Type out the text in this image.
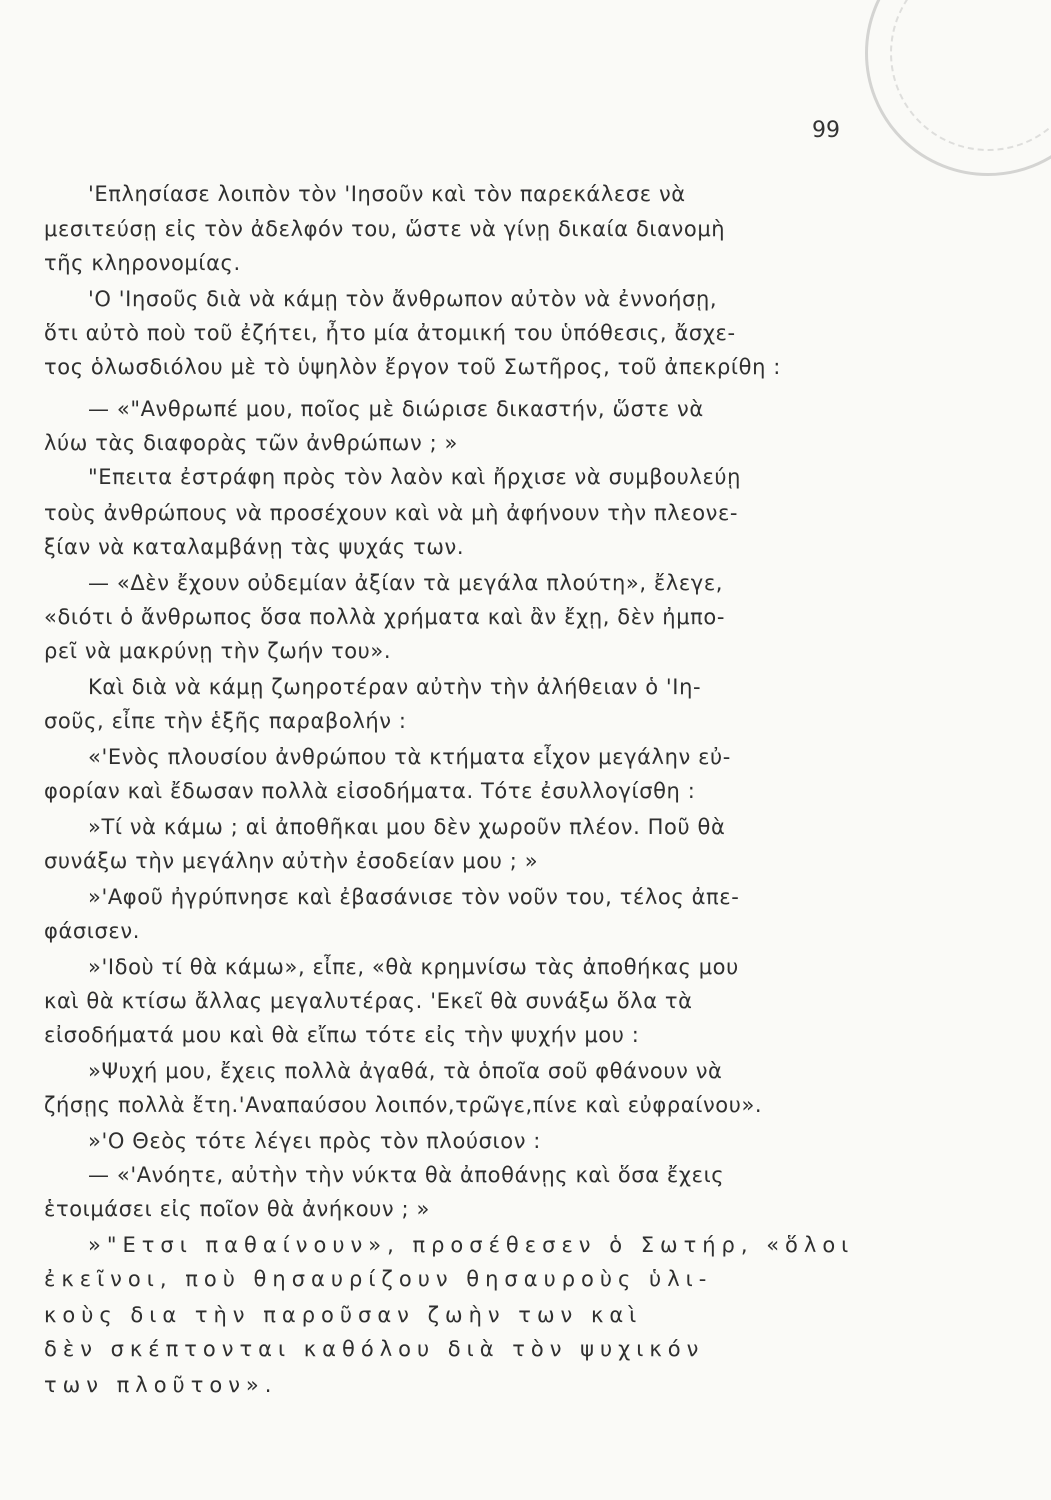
99
'Επλησίασε λοιπὸν τὸν 'Ιησοῦν καὶ τὸν παρεκάλεσε νὰ
μεσιτεύσῃ εἰς τὸν ἀδελφόν του, ὥστε νὰ γίνῃ δικαία διανομὴ
τῆς κληρονομίας.
'Ο 'Ιησοῦς διὰ νὰ κάμῃ τὸν ἄνθρωπον αὐτὸν νὰ ἐννοήσῃ,
ὅτι αὐτὸ ποὺ τοῦ ἐζήτει, ἦτο μία ἀτομική του ὑπόθεσις, ἄσχε-
τος ὁλωσδιόλου μὲ τὸ ὑψηλὸν ἔργον τοῦ Σωτῆρος, τοῦ ἀπεκρίθη :
— «"Ανθρωπέ μου, ποῖος μὲ διώρισε δικαστήν, ὥστε νὰ
λύω τὰς διαφορὰς τῶν ἀνθρώπων ; »
"Επειτα ἐστράφη πρὸς τὸν λαὸν καὶ ἤρχισε νὰ συμβουλεύῃ
τοὺς ἀνθρώπους νὰ προσέχουν καὶ νὰ μὴ ἀφήνουν τὴν πλεονε-
ξίαν νὰ καταλαμβάνῃ τὰς ψυχάς των.
— «Δὲν ἔχουν οὐδεμίαν ἀξίαν τὰ μεγάλα πλούτη», ἔλεγε,
«διότι ὁ ἄνθρωπος ὅσα πολλὰ χρήματα καὶ ἂν ἔχῃ, δὲν ἠμπο-
ρεῖ νὰ μακρύνῃ τὴν ζωήν του».
Καὶ διὰ νὰ κάμῃ ζωηροτέραν αὐτὴν τὴν ἀλήθειαν ὁ 'Ιη-
σοῦς, εἶπε τὴν ἑξῆς παραβολήν :
«'Ενὸς πλουσίου ἀνθρώπου τὰ κτήματα εἶχον μεγάλην εὐ-
φορίαν καὶ ἔδωσαν πολλὰ εἰσοδήματα. Τότε ἐσυλλογίσθη :
»Τί νὰ κάμω ; αἱ ἀποθῆκαι μου δὲν χωροῦν πλέον. Ποῦ θὰ
συνάξω τὴν μεγάλην αὐτὴν ἐσοδείαν μου ; »
»'Αφοῦ ἠγρύπνησε καὶ ἐβασάνισε τὸν νοῦν του, τέλος ἀπε-
φάσισεν.
»'Ιδοὺ τί θὰ κάμω», εἶπε, «θὰ κρημνίσω τὰς ἀποθήκας μου
καὶ θὰ κτίσω ἄλλας μεγαλυτέρας. 'Εκεῖ θὰ συνάξω ὅλα τὰ
εἰσοδήματά μου καὶ θὰ εἴπω τότε εἰς τὴν ψυχήν μου :
»Ψυχή μου, ἔχεις πολλὰ ἀγαθά, τὰ ὁποῖα σοῦ φθάνουν νὰ
ζήσῃς πολλὰ ἔτη.'Αναπαύσου λοιπόν,τρῶγε,πίνε καὶ εὐφραίνου».
»'Ο Θεὸς τότε λέγει πρὸς τὸν πλούσιον :
— «'Ανόητε, αὐτὴν τὴν νύκτα θὰ ἀποθάνῃς καὶ ὅσα ἔχεις
ἑτοιμάσει εἰς ποῖον θὰ ἀνήκουν ; »
»"Ετσι παθαίνουν», προσέθεσεν ὁ Σωτήρ, «ὅλοι
ἐκεῖνοι, ποὺ θησαυρίζουν θησαυροὺς ὑλι-
κοὺς δια τὴν παροῦσαν ζωὴν των καὶ
δὲν σκέπτονται καθόλου διὰ τὸν ψυχικόν
των πλοῦτον».
